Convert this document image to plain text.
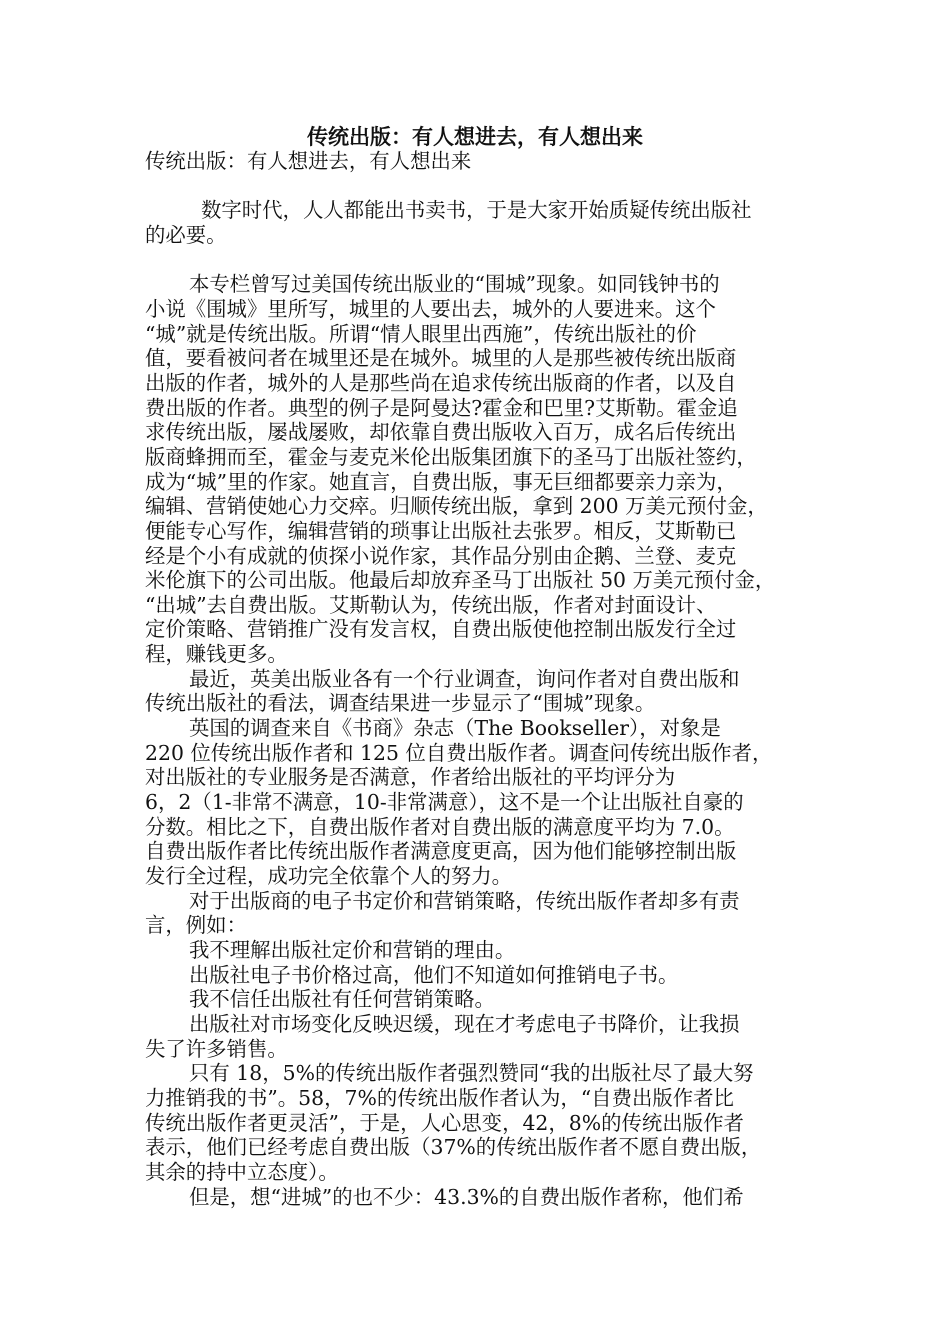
传统出版：有人想进去，有人想出来

传统出版：有人想进去，有人想出来

数字时代，人人都能出书卖书，于是大家开始质疑传统出版社

的必要。

本专栏曾写过美国传统出版业的“围城”现象。如同钱钟书的

小说《围城》里所写，城里的人要出去，城外的人要进来。这个

“城”就是传统出版。所谓“情人眼里出西施”，传统出版社的价

值，要看被问者在城里还是在城外。城里的人是那些被传统出版商

出版的作者，城外的人是那些尚在追求传统出版商的作者，以及自

费出版的作者。典型的例子是阿曼达?霍金和巴里?艾斯勒。霍金追

求传统出版，屡战屡败，却依靠自费出版收入百万，成名后传统出

版商蜂拥而至，霍金与麦克米伦出版集团旗下的圣马丁出版社签约，

成为“城”里的作家。她直言，自费出版，事无巨细都要亲力亲为，

编辑、营销使她心力交瘁。归顺传统出版，拿到 200 万美元预付金，

便能专心写作，编辑营销的琐事让出版社去张罗。相反，艾斯勒已

经是个小有成就的侦探小说作家，其作品分别由企鹅、兰登、麦克

米伦旗下的公司出版。他最后却放弃圣马丁出版社 50 万美元预付金，

“出城”去自费出版。艾斯勒认为，传统出版，作者对封面设计、

定价策略、营销推广没有发言权，自费出版使他控制出版发行全过

程，赚钱更多。

最近，英美出版业各有一个行业调查，询问作者对自费出版和

传统出版社的看法，调查结果进一步显示了“围城”现象。

英国的调查来自《书商》杂志（The Bookseller），对象是

220 位传统出版作者和 125 位自费出版作者。调查问传统出版作者，

对出版社的专业服务是否满意，作者给出版社的平均评分为

6，2（1-非常不满意，10-非常满意），这不是一个让出版社自豪的

分数。相比之下，自费出版作者对自费出版的满意度平均为 7.0。

自费出版作者比传统出版作者满意度更高，因为他们能够控制出版

发行全过程，成功完全依靠个人的努力。

对于出版商的电子书定价和营销策略，传统出版作者却多有责

言，例如：

我不理解出版社定价和营销的理由。

出版社电子书价格过高，他们不知道如何推销电子书。

我不信任出版社有任何营销策略。

出版社对市场变化反映迟缓，现在才考虑电子书降价，让我损

失了许多销售。

只有 18，5%的传统出版作者强烈赞同“我的出版社尽了最大努

力推销我的书”。58，7%的传统出版作者认为，“自费出版作者比

传统出版作者更灵活”，于是，人心思变，42，8%的传统出版作者

表示，他们已经考虑自费出版（37%的传统出版作者不愿自费出版，

其余的持中立态度）。

但是，想“进城”的也不少：43.3%的自费出版作者称，他们希
